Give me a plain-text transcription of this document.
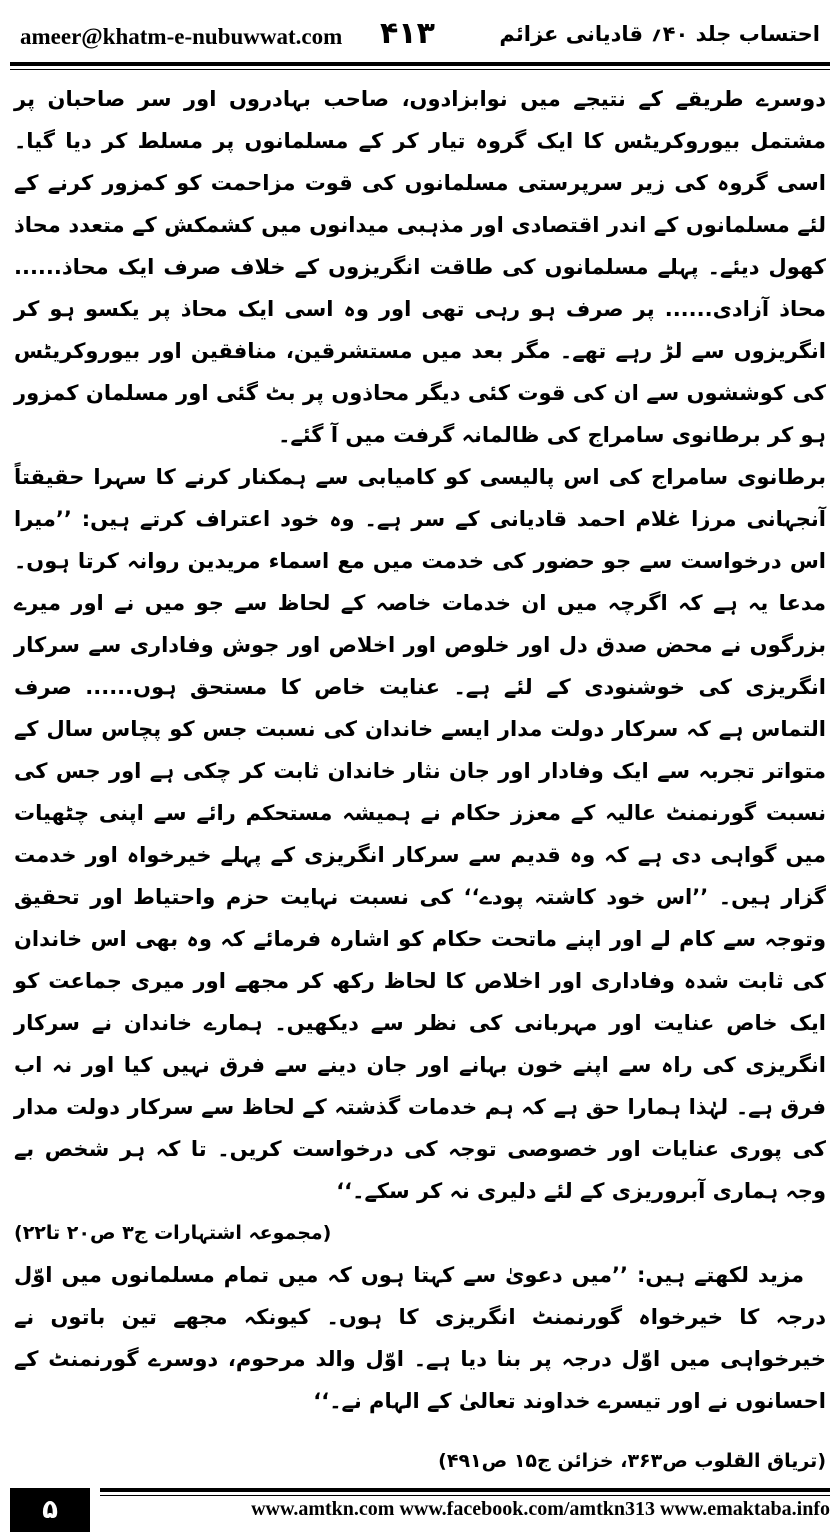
ameer@khatm-e-nubuwwat.com ۴۱۳	احتساب جلد ۴۰؍ قادیانی عزائم

دوسرے طریقے کے نتیجے میں نوابزادوں، صاحب بہادروں اور سر صاحبان پر مشتمل بیوروکریٹس کا ایک گروہ تیار کر کے مسلمانوں پر مسلط کر دیا گیا۔ اسی گروہ کی زیر سرپرستی مسلمانوں کی قوت مزاحمت کو کمزور کرنے کے لئے مسلمانوں کے اندر اقتصادی اور مذہبی میدانوں میں کشمکش کے متعدد محاذ کھول دیئے۔ پہلے مسلمانوں کی طاقت انگریزوں کے خلاف صرف ایک محاذ...... محاذ آزادی...... پر صرف ہو رہی تھی اور وہ اسی ایک محاذ پر یکسو ہو کر انگریزوں سے لڑ رہے تھے۔ مگر بعد میں مستشرقین، منافقین اور بیوروکریٹس کی کوششوں سے ان کی قوت کئی دیگر محاذوں پر بٹ گئی اور مسلمان کمزور ہو کر برطانوی سامراج کی ظالمانہ گرفت میں آ گئے۔

برطانوی سامراج کی اس پالیسی کو کامیابی سے ہمکنار کرنے کا سہرا حقیقتاً آنجہانی مرزا غلام احمد قادیانی کے سر ہے۔ وہ خود اعتراف کرتے ہیں: ’’میرا اس درخواست سے جو حضور کی خدمت میں مع اسماء مریدین روانہ کرتا ہوں۔ مدعا یہ ہے کہ اگرچہ میں ان خدمات خاصہ کے لحاظ سے جو میں نے اور میرے بزرگوں نے محض صدق دل اور خلوص اور اخلاص اور جوش وفاداری سے سرکار انگریزی کی خوشنودی کے لئے ہے۔ عنایت خاص کا مستحق ہوں...... صرف التماس ہے کہ سرکار دولت مدار ایسے خاندان کی نسبت جس کو پچاس سال کے متواتر تجربہ سے ایک وفادار اور جان نثار خاندان ثابت کر چکی ہے اور جس کی نسبت گورنمنٹ عالیہ کے معزز حکام نے ہمیشہ مستحکم رائے سے اپنی چٹھیات میں گواہی دی ہے کہ وہ قدیم سے سرکار انگریزی کے پہلے خیرخواہ اور خدمت گزار ہیں۔ ’’اس خود کاشتہ پودے‘‘ کی نسبت نہایت حزم واحتیاط اور تحقیق وتوجہ سے کام لے اور اپنے ماتحت حکام کو اشارہ فرمائے کہ وہ بھی اس خاندان کی ثابت شدہ وفاداری اور اخلاص کا لحاظ رکھ کر مجھے اور میری جماعت کو ایک خاص عنایت اور مہربانی کی نظر سے دیکھیں۔ ہمارے خاندان نے سرکار انگریزی کی راہ سے اپنے خون بہانے اور جان دینے سے فرق نہیں کیا اور نہ اب فرق ہے۔ لہٰذا ہمارا حق ہے کہ ہم خدمات گذشتہ کے لحاظ سے سرکار دولت مدار کی پوری عنایات اور خصوصی توجہ کی درخواست کریں۔ تا کہ ہر شخص بے وجہ ہماری آبروریزی کے لئے دلیری نہ کر سکے۔‘‘

(مجموعہ اشتہارات ج۳ ص۲۰ تا۲۲)

مزید لکھتے ہیں: ’’میں دعویٰ سے کہتا ہوں کہ میں تمام مسلمانوں میں اوّل درجہ کا خیرخواہ گورنمنٹ انگریزی کا ہوں۔ کیونکہ مجھے تین باتوں نے خیرخواہی میں اوّل درجہ پر بنا دیا ہے۔ اوّل والد مرحوم، دوسرے گورنمنٹ کے احسانوں نے اور تیسرے خداوند تعالیٰ کے الہام نے۔‘‘

(تریاق القلوب ص۳۶۳، خزائن ج۱۵ ص۴۹۱)

۵	www.amtkn.com www.facebook.com/amtkn313 www.emaktaba.info
